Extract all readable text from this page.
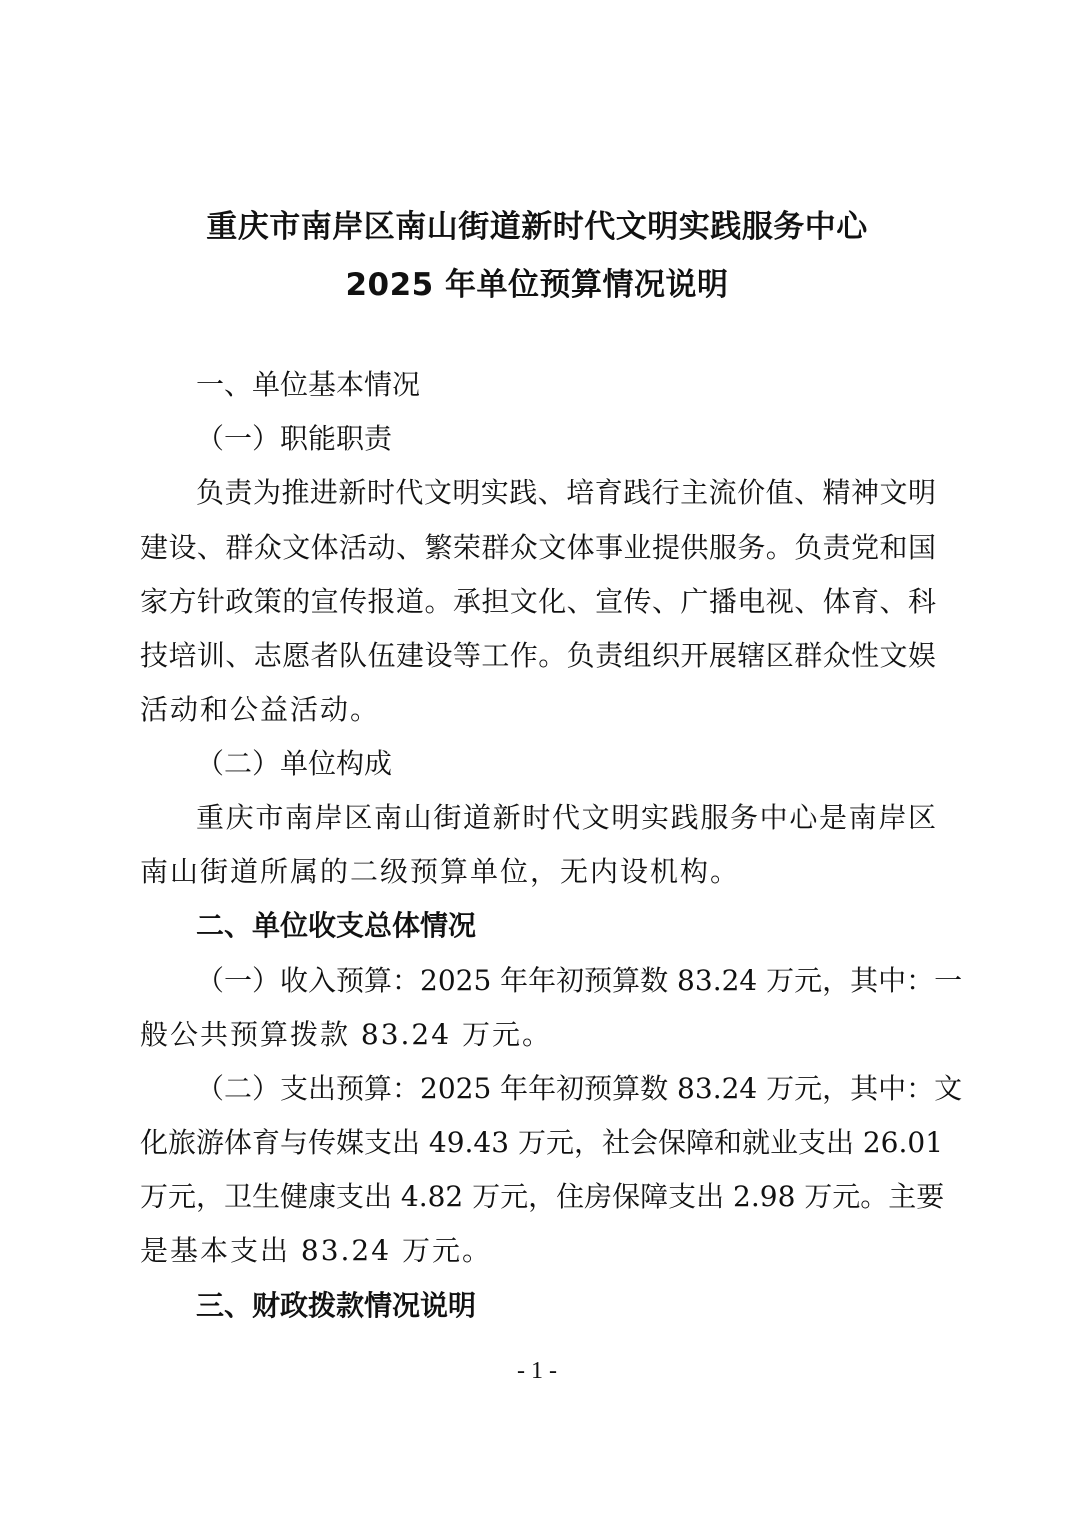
重庆市南岸区南山街道新时代文明实践服务中心
2025 年单位预算情况说明

一、单位基本情况

（一）职能职责

负责为推进新时代文明实践、培育践行主流价值、精神文明

建设、群众文体活动、繁荣群众文体事业提供服务。负责党和国

家方针政策的宣传报道。承担文化、宣传、广播电视、体育、科

技培训、志愿者队伍建设等工作。负责组织开展辖区群众性文娱

活动和公益活动。

（二）单位构成

重庆市南岸区南山街道新时代文明实践服务中心是南岸区

南山街道所属的二级预算单位，无内设机构。

二、单位收支总体情况

（一）收入预算：2025 年年初预算数 83.24 万元，其中：一

般公共预算拨款 83.24 万元。

（二）支出预算：2025 年年初预算数 83.24 万元，其中：文

化旅游体育与传媒支出 49.43 万元，社会保障和就业支出 26.01

万元，卫生健康支出 4.82 万元，住房保障支出 2.98 万元。主要

是基本支出 83.24 万元。

三、财政拨款情况说明

- 1 -
